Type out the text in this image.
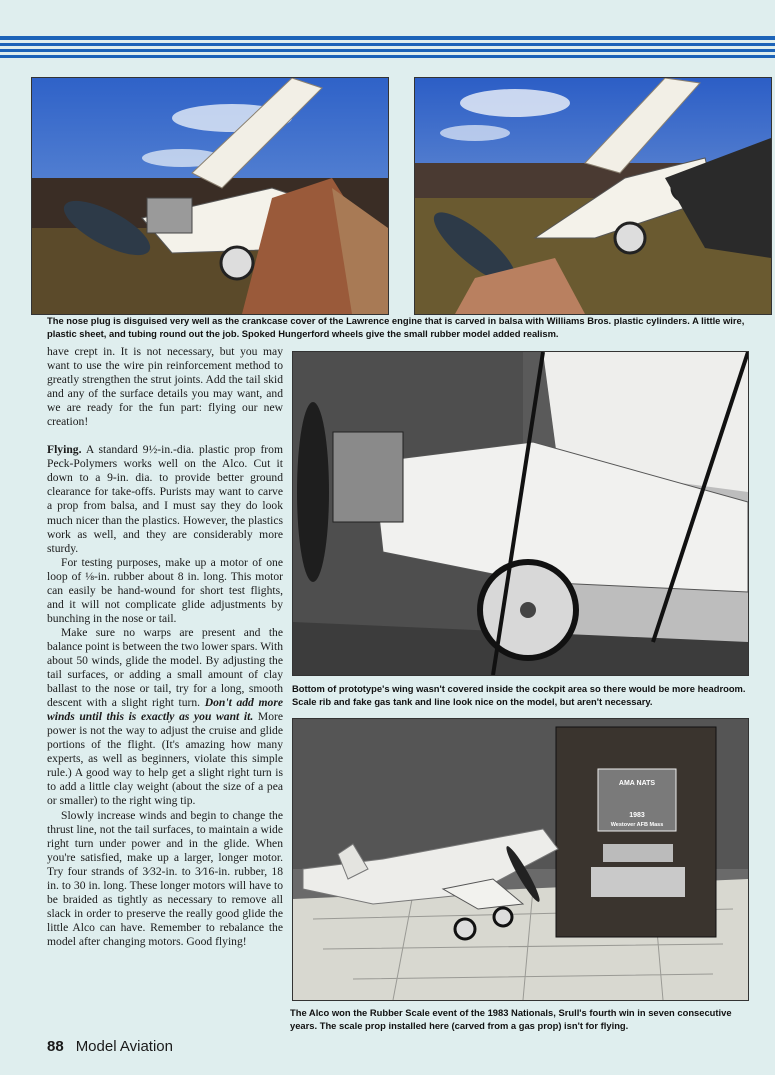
The nose plug is disguised very well as the crankcase cover of the Lawrence engine that is carved in balsa with Williams Bros. plastic cylinders. A little wire, plastic sheet, and tubing round out the job. Spoked Hungerford wheels give the small rubber model added realism.
Bottom of prototype's wing wasn't covered inside the cockpit area so there would be more headroom. Scale rib and fake gas tank and line look nice on the model, but aren't necessary.
AMA NATS
1983
Westover AFB Mass
The Alco won the Rubber Scale event of the 1983 Nationals, Srull's fourth win in seven consecutive years. The scale prop installed here (carved from a gas prop) isn't for flying.

have crept in. It is not necessary, but you may want to use the wire pin reinforcement method to greatly strengthen the strut joints. Add the tail skid and any of the surface details you may want, and we are ready for the fun part: flying our new creation!

Flying. A standard 9½-in.-dia. plastic prop from Peck-Polymers works well on the Alco. Cut it down to a 9-in. dia. to provide better ground clearance for take-offs. Purists may want to carve a prop from balsa, and I must say they do look much nicer than the plastics. However, the plastics work as well, and they are considerably more sturdy.

For testing purposes, make up a motor of one loop of ⅛-in. rubber about 8 in. long. This motor can easily be hand-wound for short test flights, and it will not complicate glide adjustments by bunching in the nose or tail.

Make sure no warps are present and the balance point is between the two lower spars. With about 50 winds, glide the model. By adjusting the tail surfaces, or adding a small amount of clay ballast to the nose or tail, try for a long, smooth descent with a slight right turn. Don't add more winds until this is exactly as you want it. More power is not the way to adjust the cruise and glide portions of the flight. (It's amazing how many experts, as well as beginners, violate this simple rule.) A good way to help get a slight right turn is to add a little clay weight (about the size of a pea or smaller) to the right wing tip.

Slowly increase winds and begin to change the thrust line, not the tail surfaces, to maintain a wide right turn under power and in the glide. When you're satisfied, make up a larger, longer motor. Try four strands of 3⁄32-in. to 3⁄16-in. rubber, 18 in. to 30 in. long. These longer motors will have to be braided as tightly as necessary to remove all slack in order to preserve the really good glide the little Alco can have. Remember to rebalance the model after changing motors. Good flying!

88 Model Aviation
